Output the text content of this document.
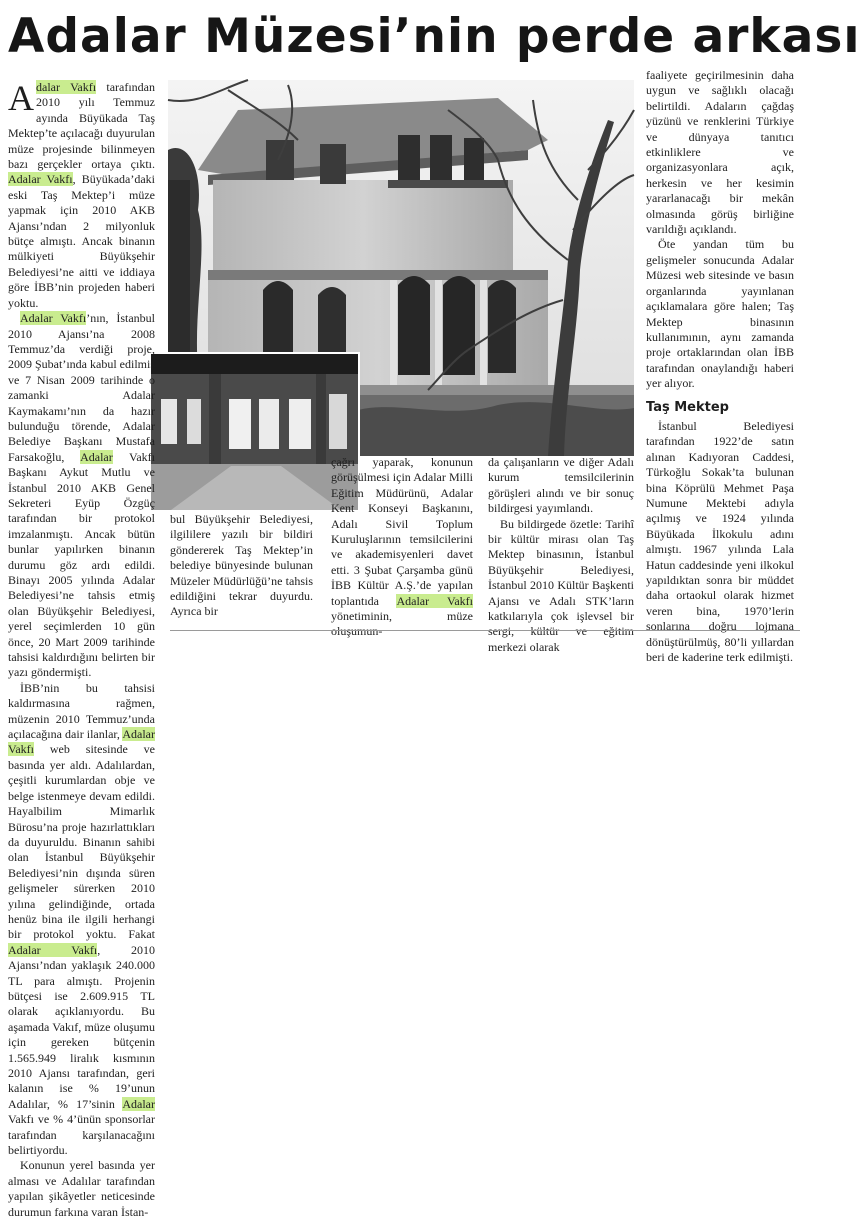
Adalar Müzesi’nin perde arkası

Adalar Vakfı tarafından 2010 yılı Temmuz ayında Büyükada Taş Mektep’te açılacağı duyurulan müze projesinde bilinmeyen bazı gerçekler ortaya çıktı. Adalar Vakfı, Büyükada’daki eski Taş Mektep’i müze yapmak için 2010 AKB Ajansı’ndan 2 milyonluk bütçe almıştı. Ancak binanın mülkiyeti Büyükşehir Belediyesi’ne aitti ve iddiaya göre İBB’nin projeden haberi yoktu.

Adalar Vakfı’nın, İstanbul 2010 Ajansı’na 2008 Temmuz’da verdiği proje, 2009 Şubat’ında kabul edilmiş ve 7 Nisan 2009 tarihinde o zamanki Adalar Kaymakamı’nın da hazır bulunduğu törende, Adalar Belediye Başkanı Mustafa Farsakoğlu, Adalar Vakfı Başkanı Aykut Mutlu ve İstanbul 2010 AKB Genel Sekreteri Eyüp Özgüç tarafından bir protokol imzalanmıştı. Ancak bütün bunlar yapılırken binanın durumu göz ardı edildi. Binayı 2005 yılında Adalar Belediyesi’ne tahsis etmiş olan Büyükşehir Belediyesi, yerel seçimlerden 10 gün önce, 20 Mart 2009 tarihinde tahsisi kaldırdığını belirten bir yazı göndermişti.

İBB’nin bu tahsisi kaldırmasına rağmen, müzenin 2010 Temmuz’unda açılacağına dair ilanlar, Adalar Vakfı web sitesinde ve basında yer aldı. Adalılardan, çeşitli kurumlardan obje ve belge istenmeye devam edildi. Hayalbilim Mimarlık Bürosu’na proje hazırlattıkları da duyuruldu. Binanın sahibi olan İstanbul Büyükşehir Belediyesi’nin dışında süren gelişmeler sürerken 2010 yılına gelindiğinde, ortada henüz bina ile ilgili herhangi bir protokol yoktu. Fakat Adalar Vakfı, 2010 Ajansı’ndan yaklaşık 240.000 TL para almıştı. Projenin bütçesi ise 2.609.915 TL olarak açıklanıyordu. Bu aşamada Vakıf, müze oluşumu için gereken bütçenin 1.565.949 liralık kısmının 2010 Ajansı tarafından, geri kalanın ise % 19’unun Adalılar, % 17’sinin Adalar Vakfı ve % 4’ünün sponsorlar tarafından karşılanacağını belirtiyordu.

Konunun yerel basında yer alması ve Adalılar tarafından yapılan şikâyetler neticesinde durumun farkına varan İstan-

bul Büyükşehir Belediyesi, ilgililere yazılı bir bildiri göndererek Taş Mektep’in belediye bünyesinde bulunan Müzeler Müdürlüğü’ne tahsis edildiğini tekrar duyurdu. Ayrıca bir

çağrı yaparak, konunun görüşülmesi için Adalar Milli Eğitim Müdürünü, Adalar Kent Konseyi Başkanını, Adalı Sivil Toplum Kuruluşlarının temsilcilerini ve akademisyenleri davet etti. 3 Şubat Çarşamba günü İBB Kültür A.Ş.’de yapılan toplantıda Adalar Vakfı yönetiminin, müze oluşumun-

da çalışanların ve diğer Adalı kurum temsilcilerinin görüşleri alındı ve bir sonuç bildirgesi yayımlandı.

Bu bildirgede özetle: Tarihî bir kültür mirası olan Taş Mektep binasının, İstanbul Büyükşehir Belediyesi, İstanbul 2010 Kültür Başkenti Ajansı ve Adalı STK’ların katkılarıyla çok işlevsel bir sergi, kültür ve eğitim merkezi olarak

faaliyete geçirilmesinin daha uygun ve sağlıklı olacağı belirtildi. Adaların çağdaş yüzünü ve renklerini Türkiye ve dünyaya tanıtıcı etkinliklere ve organizasyonlara açık, herkesin ve her kesimin yararlanacağı bir mekân olmasında görüş birliğine varıldığı açıklandı.

Öte yandan tüm bu gelişmeler sonucunda Adalar Müzesi web sitesinde ve basın organlarında yayınlanan açıklamalara göre halen; Taş Mektep binasının kullanımının, aynı zamanda proje ortaklarından olan İBB tarafından onaylandığı haberi yer alıyor.

Taş Mektep

İstanbul Belediyesi tarafından 1922’de satın alınan Kadıyoran Caddesi, Türkoğlu Sokak’ta bulunan bina Köprülü Mehmet Paşa Numune Mektebi adıyla açılmış ve 1924 yılında Büyükada İlkokulu adını almıştı. 1967 yılında Lala Hatun caddesinde yeni ilkokul yapıldıktan sonra bir müddet daha ortaokul olarak hizmet veren bina, 1970’lerin sonlarına doğru lojmana dönüştürülmüş, 80’li yıllardan beri de kaderine terk edilmişti.
